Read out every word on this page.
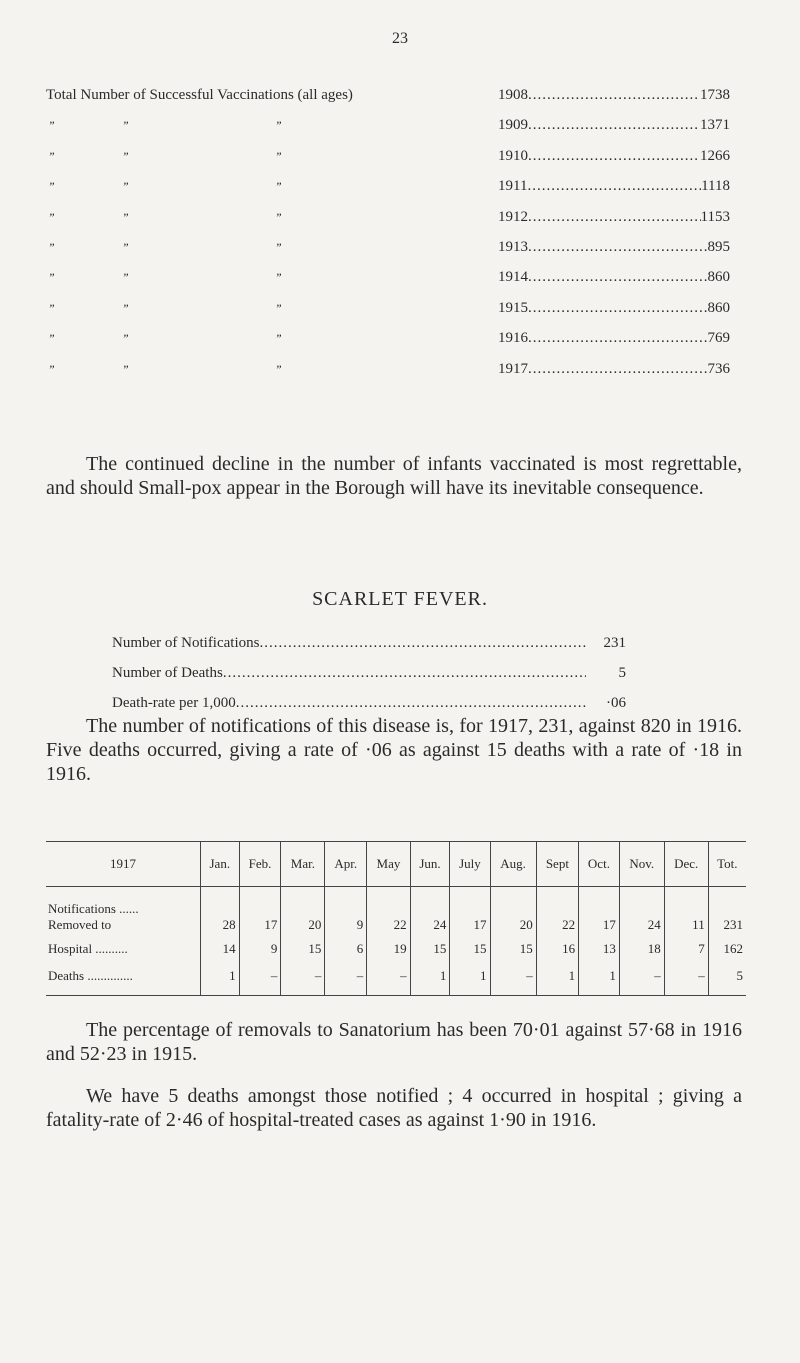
23
Total Number of Successful Vaccinations (all ages)	1908 .....	1738
”	”	”	1909 .....	1371
”	”	”	1910 .....	1266
”	”	”	1911 .....	1118
”	”	”	1912 .....	1153
”	”	”	1913 .....	895
”	”	”	1914 .....	860
”	”	”	1915 .....	860
”	”	”	1916 .....	769
”	”	”	1917 .....	736
The continued decline in the number of infants vaccinated is most regrettable, and should Small-pox appear in the Borough will have its inevitable consequence.
SCARLET FEVER.
Number of Notifications .....	231
Number of Deaths .....	5
Death-rate per 1,000 .....	·06
The number of notifications of this disease is, for 1917, 231, against 820 in 1916. Five deaths occurred, giving a rate of ·06 as against 15 deaths with a rate of ·18 in 1916.
1917	Jan.	Feb.	Mar.	Apr.	May	Jun.	July	Aug.	Sept	Oct.	Nov.	Dec.	Tot.

Notifications ......
Removed to	28	17	20	9	22	24	17	20	22	17	24	11	231
Hospital ..........	14	9	15	6	19	15	15	15	16	13	18	7	162
Deaths ..............	1	–	–	–	–	1	1	–	1	1	–	–	5
The percentage of removals to Sanatorium has been 70·01 against 57·68 in 1916 and 52·23 in 1915.
We have 5 deaths amongst those notified ; 4 occurred in hospital ; giving a fatality-rate of 2·46 of hospital-treated cases as against 1·90 in 1916.
